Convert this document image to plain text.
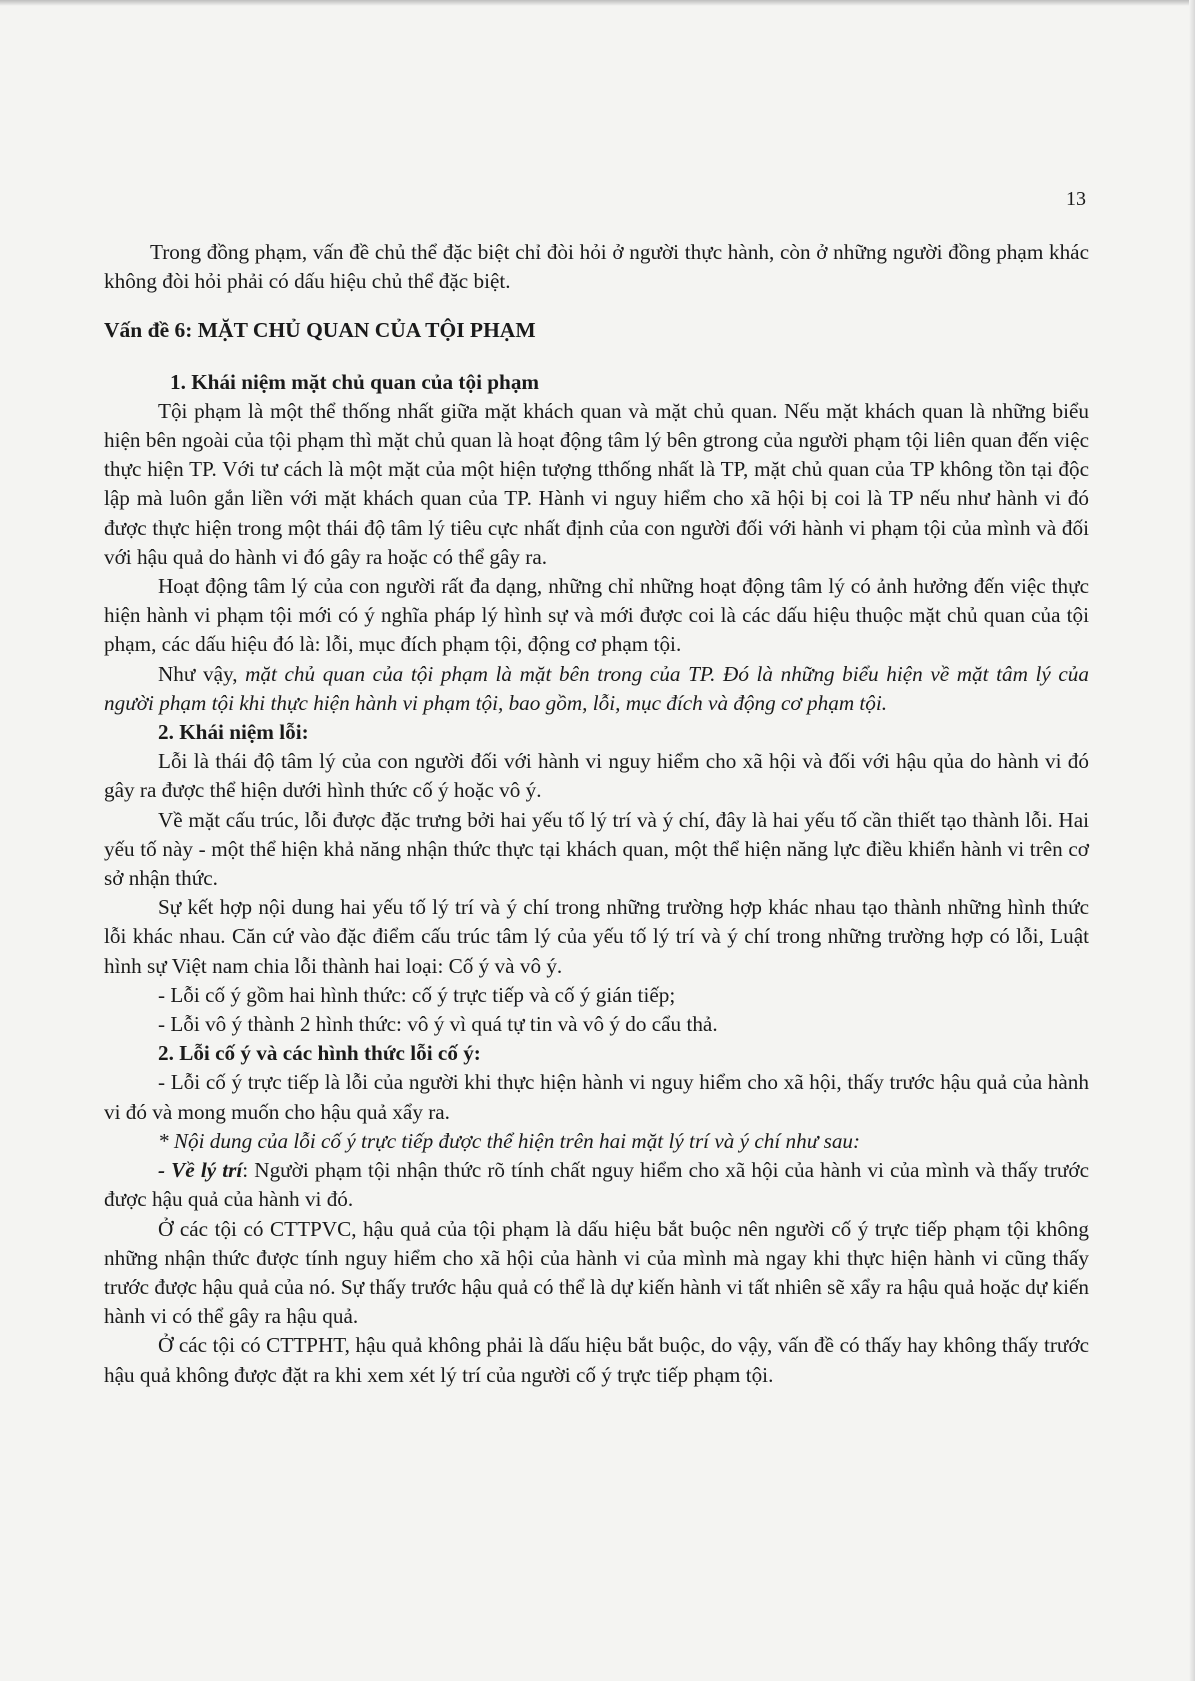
13

Trong đồng phạm, vấn đề chủ thể đặc biệt chỉ đòi hỏi ở người thực hành, còn ở những người đồng phạm khác không đòi hỏi phải có dấu hiệu chủ thể đặc biệt.

Vấn đề 6: MẶT CHỦ QUAN CỦA TỘI PHẠM

1. Khái niệm mặt chủ quan của tội phạm

Tội phạm là một thể thống nhất giữa mặt khách quan và mặt chủ quan. Nếu mặt khách quan là những biểu hiện bên ngoài của tội phạm thì mặt chủ quan là hoạt động tâm lý bên gtrong của người phạm tội liên quan đến việc thực hiện TP. Với tư cách là một mặt của một hiện tượng tthống nhất là TP, mặt chủ quan của TP không tồn tại độc lập mà luôn gắn liền với mặt khách quan của TP. Hành vi nguy hiểm cho xã hội bị coi là TP nếu như hành vi đó được thực hiện trong một thái độ tâm lý tiêu cực nhất định của con người đối với hành vi phạm tội của mình và đối với hậu quả do hành vi đó gây ra hoặc có thể gây ra.

Hoạt động tâm lý của con người rất đa dạng, những chỉ những hoạt động tâm lý có ảnh hưởng đến việc thực hiện hành vi phạm tội mới có ý nghĩa pháp lý hình sự và mới được coi là các dấu hiệu thuộc mặt chủ quan của tội phạm, các dấu hiệu đó là: lỗi, mục đích phạm tội, động cơ phạm tội.

Như vậy, mặt chủ quan của tội phạm là mặt bên trong của TP. Đó là những biểu hiện về mặt tâm lý của người phạm tội khi thực hiện hành vi phạm tội, bao gồm, lỗi, mục đích và động cơ phạm tội.

2. Khái niệm lỗi:

Lỗi là thái độ tâm lý của con người đối với hành vi nguy hiểm cho xã hội và đối với hậu qủa do hành vi đó gây ra được thể hiện dưới hình thức cố ý hoặc vô ý.

Về mặt cấu trúc, lỗi được đặc trưng bởi hai yếu tố lý trí và ý chí, đây là hai yếu tố cần thiết tạo thành lỗi. Hai yếu tố này - một thể hiện khả năng nhận thức thực tại khách quan, một thể hiện năng lực điều khiển hành vi trên cơ sở nhận thức.

Sự kết hợp nội dung hai yếu tố lý trí và ý chí trong những trường hợp khác nhau tạo thành những hình thức lỗi khác nhau. Căn cứ vào đặc điểm cấu trúc tâm lý của yếu tố lý trí và ý chí trong những trường hợp có lỗi, Luật hình sự Việt nam chia lỗi thành hai loại: Cố ý và vô ý.

- Lỗi cố ý gồm hai hình thức: cố ý trực tiếp và cố ý gián tiếp;

- Lỗi vô ý thành 2 hình thức: vô ý vì quá tự tin và vô ý do cẩu thả.

2. Lỗi cố ý và các hình thức lỗi cố ý:

- Lỗi cố ý trực tiếp là lỗi của người khi thực hiện hành vi nguy hiểm cho xã hội, thấy trước hậu quả của hành vi đó và mong muốn cho hậu quả xẩy ra.

* Nội dung của lỗi cố ý trực tiếp được thể hiện trên hai mặt lý trí và ý chí như sau:

- Về lý trí: Người phạm tội nhận thức rõ tính chất nguy hiểm cho xã hội của hành vi của mình và thấy trước được hậu quả của hành vi đó.

Ở các tội có CTTPVC, hậu quả của tội phạm là dấu hiệu bắt buộc nên người cố ý trực tiếp phạm tội không những nhận thức được tính nguy hiểm cho xã hội của hành vi của mình mà ngay khi thực hiện hành vi cũng thấy trước được hậu quả của nó. Sự thấy trước hậu quả có thể là dự kiến hành vi tất nhiên sẽ xẩy ra hậu quả hoặc dự kiến hành vi có thể gây ra hậu quả.

Ở các tội có CTTPHT, hậu quả không phải là dấu hiệu bắt buộc, do vậy, vấn đề có thấy hay không thấy trước hậu quả không được đặt ra khi xem xét lý trí của người cố ý trực tiếp phạm tội.
